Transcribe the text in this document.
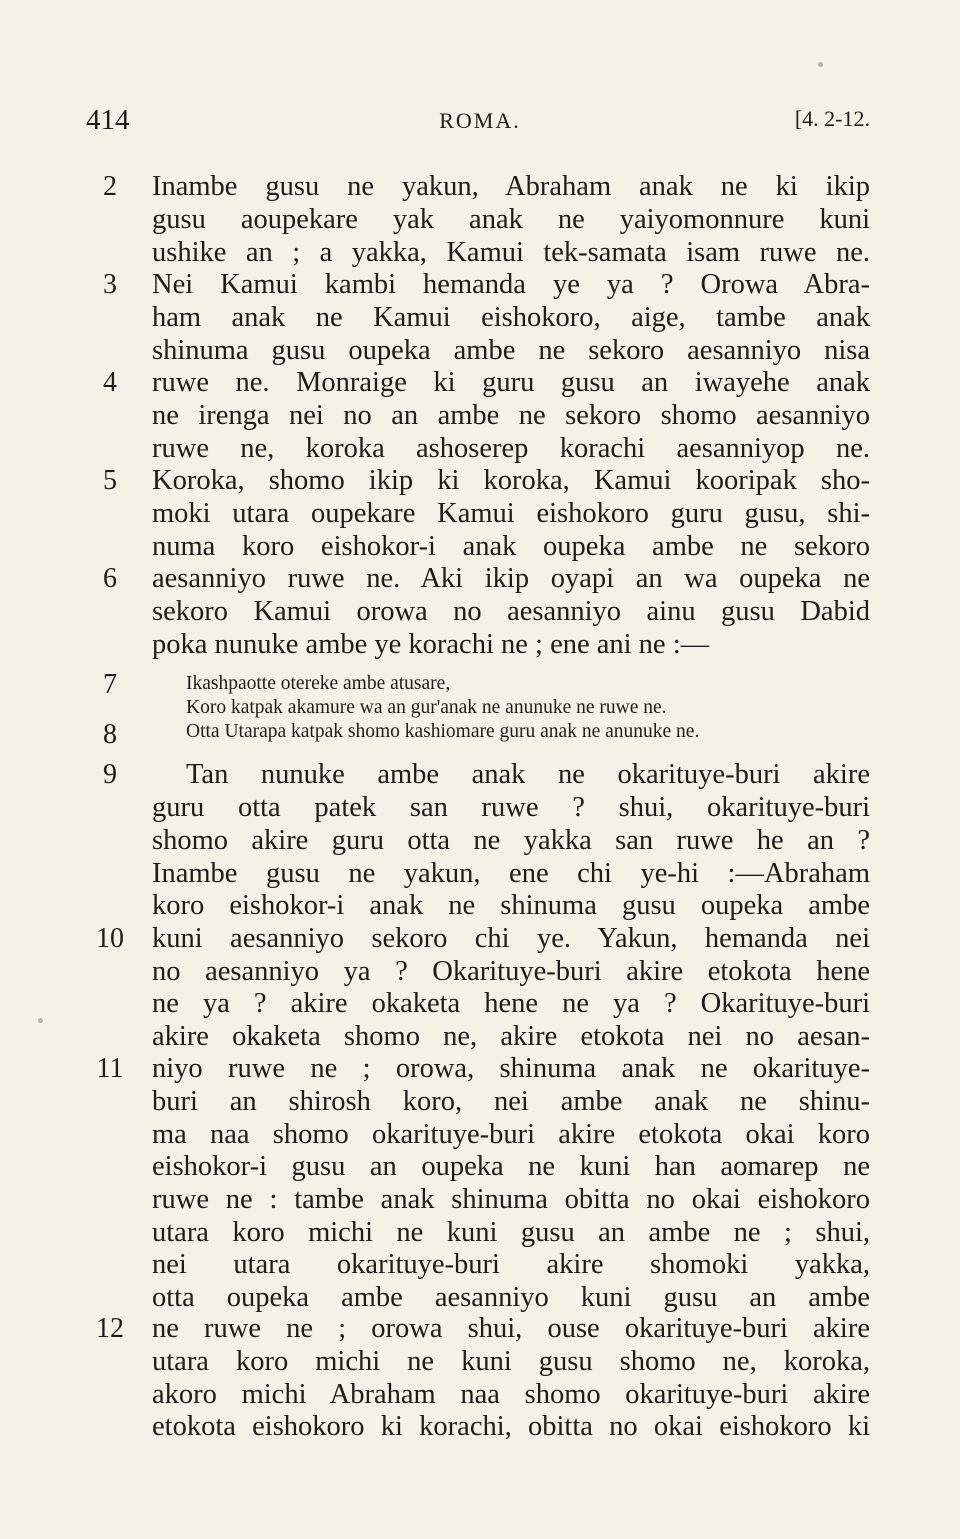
414	ROMA.	[4. 2-12.
2
3
4
5
6
7
8
9
10
11
12
Inambe gusu ne yakun, Abraham anak ne ki ikip
gusu aoupekare yak anak ne yaiyomonnure kuni
ushike an ; a yakka, Kamui tek-samata isam ruwe ne.
Nei Kamui kambi hemanda ye ya ? Orowa Abra-
ham anak ne Kamui eishokoro, aige, tambe anak
shinuma gusu oupeka ambe ne sekoro aesanniyo nisa
ruwe ne. Monraige ki guru gusu an iwayehe anak
ne irenga nei no an ambe ne sekoro shomo aesanniyo
ruwe ne, koroka ashoserep korachi aesanniyop ne.
Koroka, shomo ikip ki koroka, Kamui kooripak sho-
moki utara oupekare Kamui eishokoro guru gusu, shi-
numa koro eishokor-i anak oupeka ambe ne sekoro
aesanniyo ruwe ne. Aki ikip oyapi an wa oupeka ne
sekoro Kamui orowa no aesanniyo ainu gusu Dabid
poka nunuke ambe ye korachi ne ; ene ani ne :—
Ikashpaotte otereke ambe atusare,
Koro katpak akamure wa an gur'anak ne anunuke ne ruwe ne.
Otta Utarapa katpak shomo kashiomare guru anak ne anunuke ne.
Tan nunuke ambe anak ne okarituye-buri akire
guru otta patek san ruwe ? shui, okarituye-buri
shomo akire guru otta ne yakka san ruwe he an ?
Inambe gusu ne yakun, ene chi ye-hi :—Abraham
koro eishokor-i anak ne shinuma gusu oupeka ambe
kuni aesanniyo sekoro chi ye. Yakun, hemanda nei
no aesanniyo ya ? Okarituye-buri akire etokota hene
ne ya ? akire okaketa hene ne ya ? Okarituye-buri
akire okaketa shomo ne, akire etokota nei no aesan-
niyo ruwe ne ; orowa, shinuma anak ne okarituye-
buri an shirosh koro, nei ambe anak ne shinu-
ma naa shomo okarituye-buri akire etokota okai koro
eishokor-i gusu an oupeka ne kuni han aomarep ne
ruwe ne : tambe anak shinuma obitta no okai eishokoro
utara koro michi ne kuni gusu an ambe ne ; shui,
nei utara okarituye-buri akire shomoki yakka,
otta oupeka ambe aesanniyo kuni gusu an ambe
ne ruwe ne ; orowa shui, ouse okarituye-buri akire
utara koro michi ne kuni gusu shomo ne, koroka,
akoro michi Abraham naa shomo okarituye-buri akire
etokota eishokoro ki korachi, obitta no okai eishokoro ki
